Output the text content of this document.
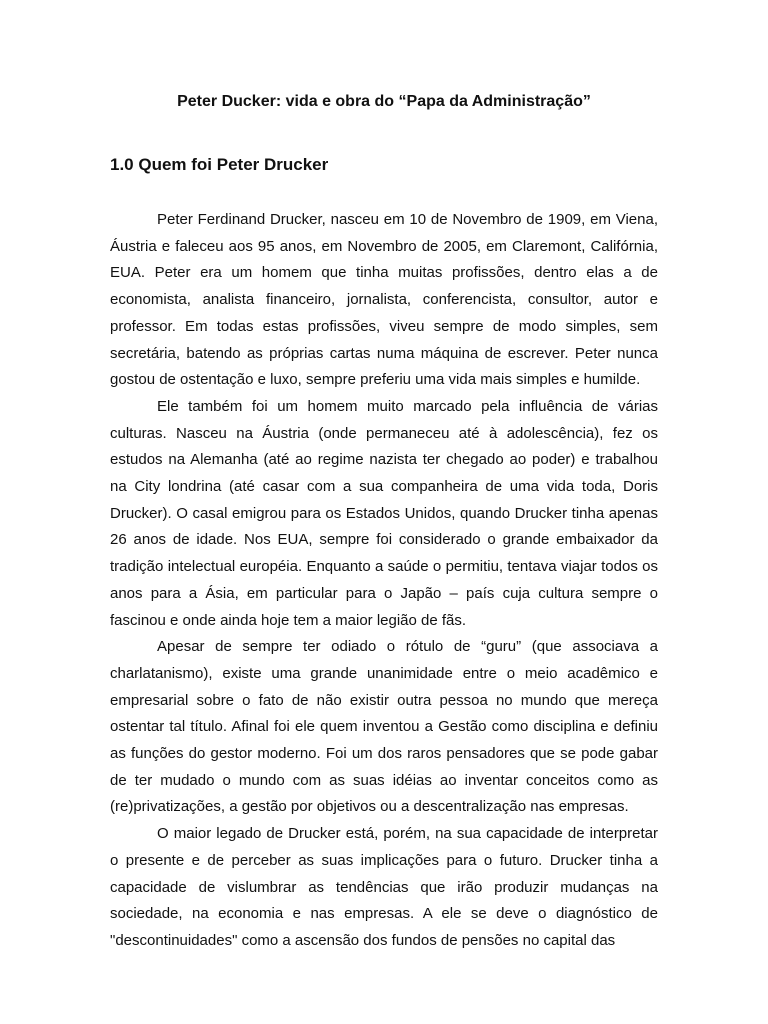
Peter Ducker: vida e obra do “Papa da Administração”
1.0 Quem foi Peter Drucker

Peter Ferdinand Drucker, nasceu em 10 de Novembro de 1909, em Viena, Áustria e faleceu aos 95 anos, em Novembro de 2005, em Claremont, Califórnia, EUA. Peter era um homem que tinha muitas profissões, dentro elas a de economista, analista financeiro, jornalista, conferencista, consultor, autor e professor. Em todas estas profissões, viveu sempre de modo simples, sem secretária, batendo as próprias cartas numa máquina de escrever. Peter nunca gostou de ostentação e luxo, sempre preferiu uma vida mais simples e humilde.

Ele também foi um homem muito marcado pela influência de várias culturas. Nasceu na Áustria (onde permaneceu até à adolescência), fez os estudos na Alemanha (até ao regime nazista ter chegado ao poder) e trabalhou na City londrina (até casar com a sua companheira de uma vida toda, Doris Drucker). O casal emigrou para os Estados Unidos, quando Drucker tinha apenas 26 anos de idade. Nos EUA, sempre foi considerado o grande embaixador da tradição intelectual européia. Enquanto a saúde o permitiu, tentava viajar todos os anos para a Ásia, em particular para o Japão – país cuja cultura sempre o fascinou e onde ainda hoje tem a maior legião de fãs.

Apesar de sempre ter odiado o rótulo de “guru” (que associava a charlatanismo), existe uma grande unanimidade entre o meio acadêmico e empresarial sobre o fato de não existir outra pessoa no mundo que mereça ostentar tal título. Afinal foi ele quem inventou a Gestão como disciplina e definiu as funções do gestor moderno. Foi um dos raros pensadores que se pode gabar de ter mudado o mundo com as suas idéias ao inventar conceitos como as (re)privatizações, a gestão por objetivos ou a descentralização nas empresas.

O maior legado de Drucker está, porém, na sua capacidade de interpretar o presente e de perceber as suas implicações para o futuro. Drucker tinha a capacidade de vislumbrar as tendências que irão produzir mudanças na sociedade, na economia e nas empresas. A ele se deve o diagnóstico de "descontinuidades" como a ascensão dos fundos de pensões no capital das
